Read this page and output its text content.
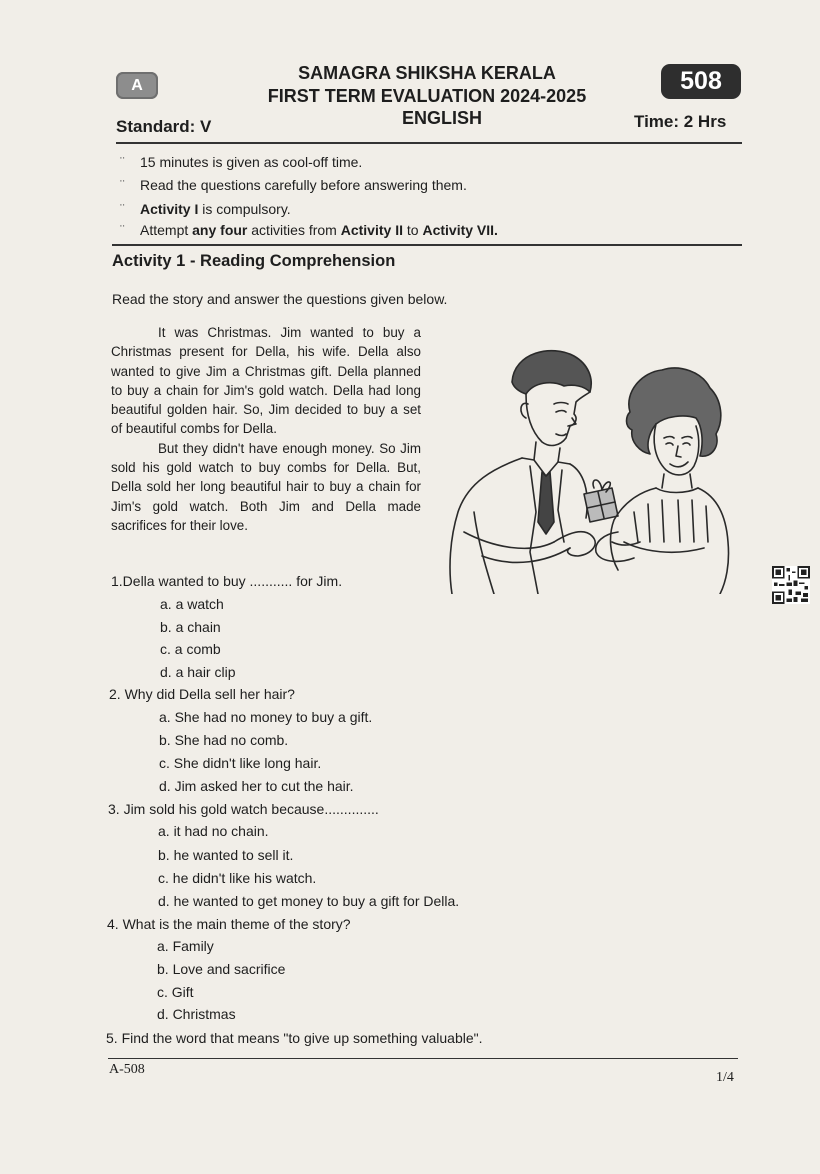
A	508
SAMAGRA SHIKSHA KERALA
FIRST TERM EVALUATION 2024-2025
ENGLISH
Standard: V	Time: 2 Hrs
¨ 15 minutes is given as cool-off time.
¨ Read the questions carefully before answering them.
¨ Activity I is compulsory.
¨ Attempt any four activities from Activity II to Activity VII.
Activity 1 - Reading Comprehension
Read the story and answer the questions given below.

It was Christmas. Jim wanted to buy a Christmas present for Della, his wife. Della also wanted to give Jim a Christmas gift. Della planned to buy a chain for Jim's gold watch. Della had long beautiful golden hair. So, Jim decided to buy a set of beautiful combs for Della.

But they didn't have enough money. So Jim sold his gold watch to buy combs for Della. But, Della sold her long beautiful hair to buy a chain for Jim's gold watch. Both Jim and Della made sacrifices for their love.

1.Della wanted to buy ........... for Jim.
a. a watch
b. a chain
c. a comb
d. a hair clip
2. Why did Della sell her hair?
a. She had no money to buy a gift.
b. She had no comb.
c. She didn't like long hair.
d. Jim asked her to cut the hair.
3. Jim sold his gold watch because..............
a. it had no chain.
b. he wanted to sell it.
c. he didn't like his watch.
d. he wanted to get money to buy a gift for Della.
4. What is the main theme of the story?
a. Family
b. Love and sacrifice
c. Gift
d. Christmas
5. Find the word that means "to give up something valuable".
A-508
1/4
